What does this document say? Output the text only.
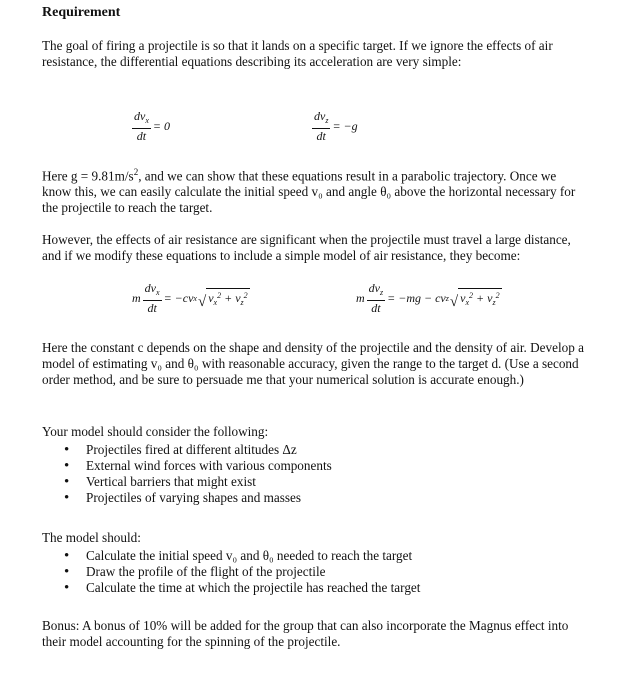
Requirement
The goal of firing a projectile is so that it lands on a specific target. If we ignore the effects of air resistance, the differential equations describing its acceleration are very simple:
$\frac{dv_x}{dt} = 0$	$\frac{dv_z}{dt} = -g$
Here $g = 9.81m/s^2$, and we can show that these equations result in a parabolic trajectory. Once we know this, we can easily calculate the initial speed v₀ and angle θ₀ above the horizontal necessary for the projectile to reach the target.
However, the effects of air resistance are significant when the projectile must travel a large distance, and if we modify these equations to include a simple model of air resistance, they become:
m $\frac{dv_x}{dt} = -cv$ x √ $v_x^2 + v_z^2$	m $\frac{dv_z}{dt} = -mg$ − cv z √ $v_x^2 + v_z^2$
Here the constant c depends on the shape and density of the projectile and the density of air. Develop a model of estimating v₀ and θ₀ with reasonable accuracy, given the range to the target d. (Use a second order method, and be sure to persuade me that your numerical solution is accurate enough.)
Your model should consider the following:
• Projectiles fired at different altitudes Δz
• External wind forces with various components
• Vertical barriers that might exist
• Projectiles of varying shapes and masses
The model should:
• Calculate the initial speed v₀ and θ₀ needed to reach the target
• Draw the profile of the flight of the projectile
• Calculate the time at which the projectile has reached the target
Bonus: A bonus of 10% will be added for the group that can also incorporate the Magnus effect into their model accounting for the spinning of the projectile.
